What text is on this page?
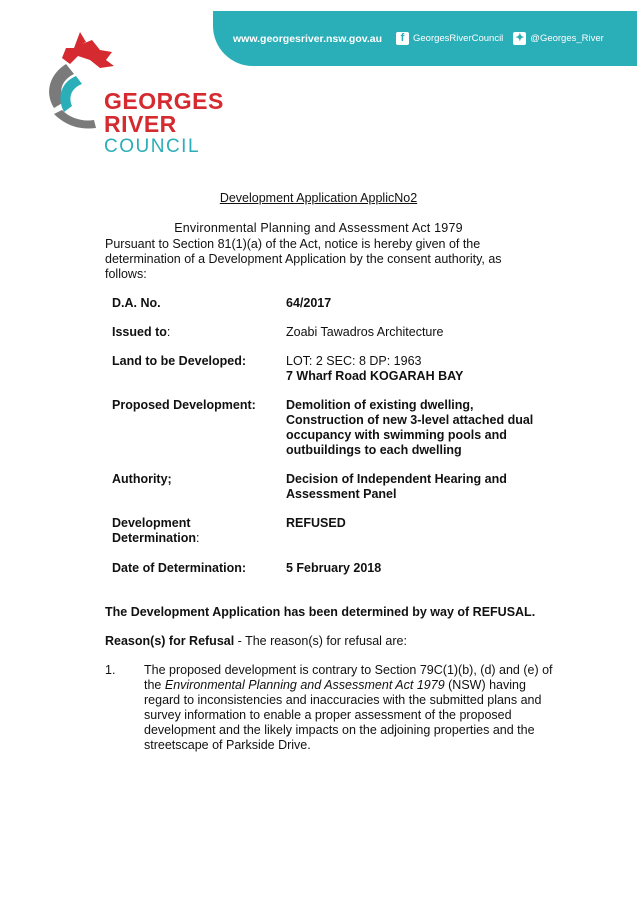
www.georgesriver.nsw.gov.au	f GeorgesRiverCouncil ✦ @Georges_River
GEORGES
RIVER
COUNCIL
Development Application ApplicNo2
Environmental Planning and Assessment Act 1979
Pursuant to Section 81(1)(a) of the Act, notice is hereby given of the determination of a Development Application by the consent authority, as follows:
D.A. No.	64/2017
Issued to:	Zoabi Tawadros Architecture
Land to be Developed:	LOT: 2 SEC: 8 DP: 1963
7 Wharf Road KOGARAH BAY
Proposed Development:	Demolition of existing dwelling,
Construction of new 3-level attached dual
occupancy with swimming pools and
outbuildings to each dwelling
Authority;	Decision of Independent Hearing and
Assessment Panel
Development
Determination:
REFUSED
Date of Determination:	5 February 2018
The Development Application has been determined by way of REFUSAL.
Reason(s) for Refusal - The reason(s) for refusal are:
1.	The proposed development is contrary to Section 79C(1)(b), (d) and (e) of the Environmental Planning and Assessment Act 1979 (NSW) having regard to inconsistencies and inaccuracies with the submitted plans and survey information to enable a proper assessment of the proposed development and the likely impacts on the adjoining properties and the streetscape of Parkside Drive.
